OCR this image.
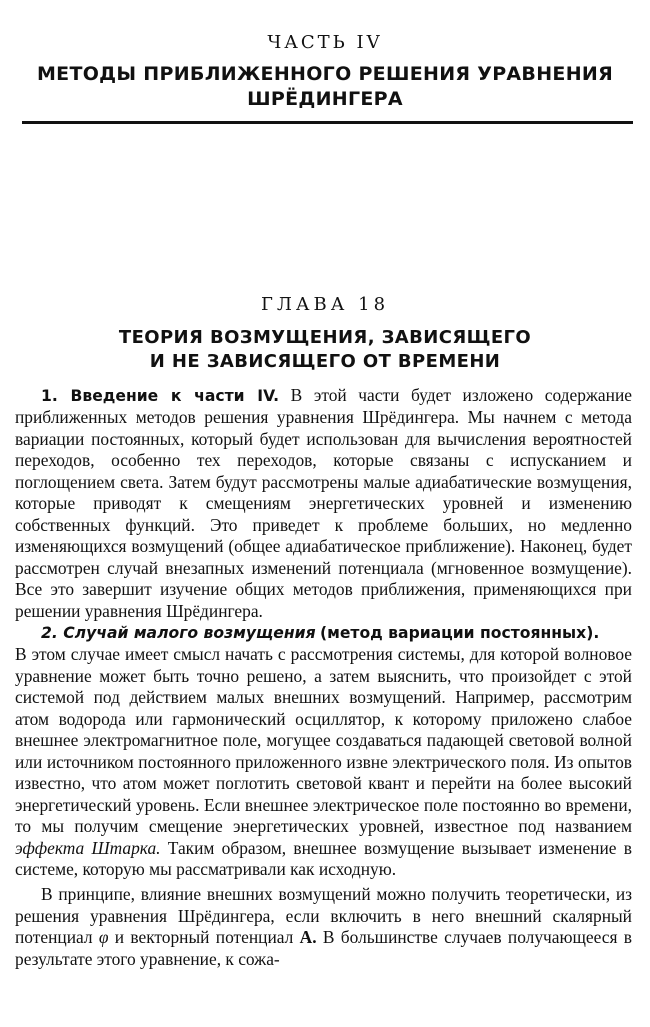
ЧАСТЬ IV
МЕТОДЫ ПРИБЛИЖЕННОГО РЕШЕНИЯ УРАВНЕНИЯ
ШРЁДИНГЕРА
ГЛАВА 18
ТЕОРИЯ ВОЗМУЩЕНИЯ, ЗАВИСЯЩЕГО
И НЕ ЗАВИСЯЩЕГО ОТ ВРЕМЕНИ

1. Введение к части IV. В этой части будет изложено содержание приближенных методов решения уравнения Шрёдингера. Мы начнем с метода вариации постоянных, который будет использован для вычисления вероятностей переходов, особенно тех переходов, которые связаны с испусканием и поглощением света. Затем будут рассмотрены малые адиабатические возмущения, которые приводят к смещениям энергетических уровней и изменению собственных функций. Это приведет к проблеме больших, но медленно изменяющихся возмущений (общее адиабатическое приближение). Наконец, будет рассмотрен случай внезапных изменений потенциала (мгновенное возмущение). Все это завершит изучение общих методов приближения, применяющихся при решении уравнения Шрёдингера.

2. Случай малого возмущения (метод вариации постоянных).

В этом случае имеет смысл начать с рассмотрения системы, для которой волновое уравнение может быть точно решено, а затем выяснить, что произойдет с этой системой под действием малых внешних возмущений. Например, рассмотрим атом водорода или гармонический осциллятор, к которому приложено слабое внешнее электромагнитное поле, могущее создаваться падающей световой волной или источником постоянного приложенного извне электрического поля. Из опытов известно, что атом может поглотить световой квант и перейти на более высокий энергетический уровень. Если внешнее электрическое поле постоянно во времени, то мы получим смещение энергетических уровней, известное под названием эффекта Штарка. Таким образом, внешнее возмущение вызывает изменение в системе, которую мы рассматривали как исходную.

В принципе, влияние внешних возмущений можно получить теоретически, из решения уравнения Шрёдингера, если включить в него внешний скалярный потенциал φ и векторный потенциал A. В большинстве случаев получающееся в результате этого уравнение, к сожа-
